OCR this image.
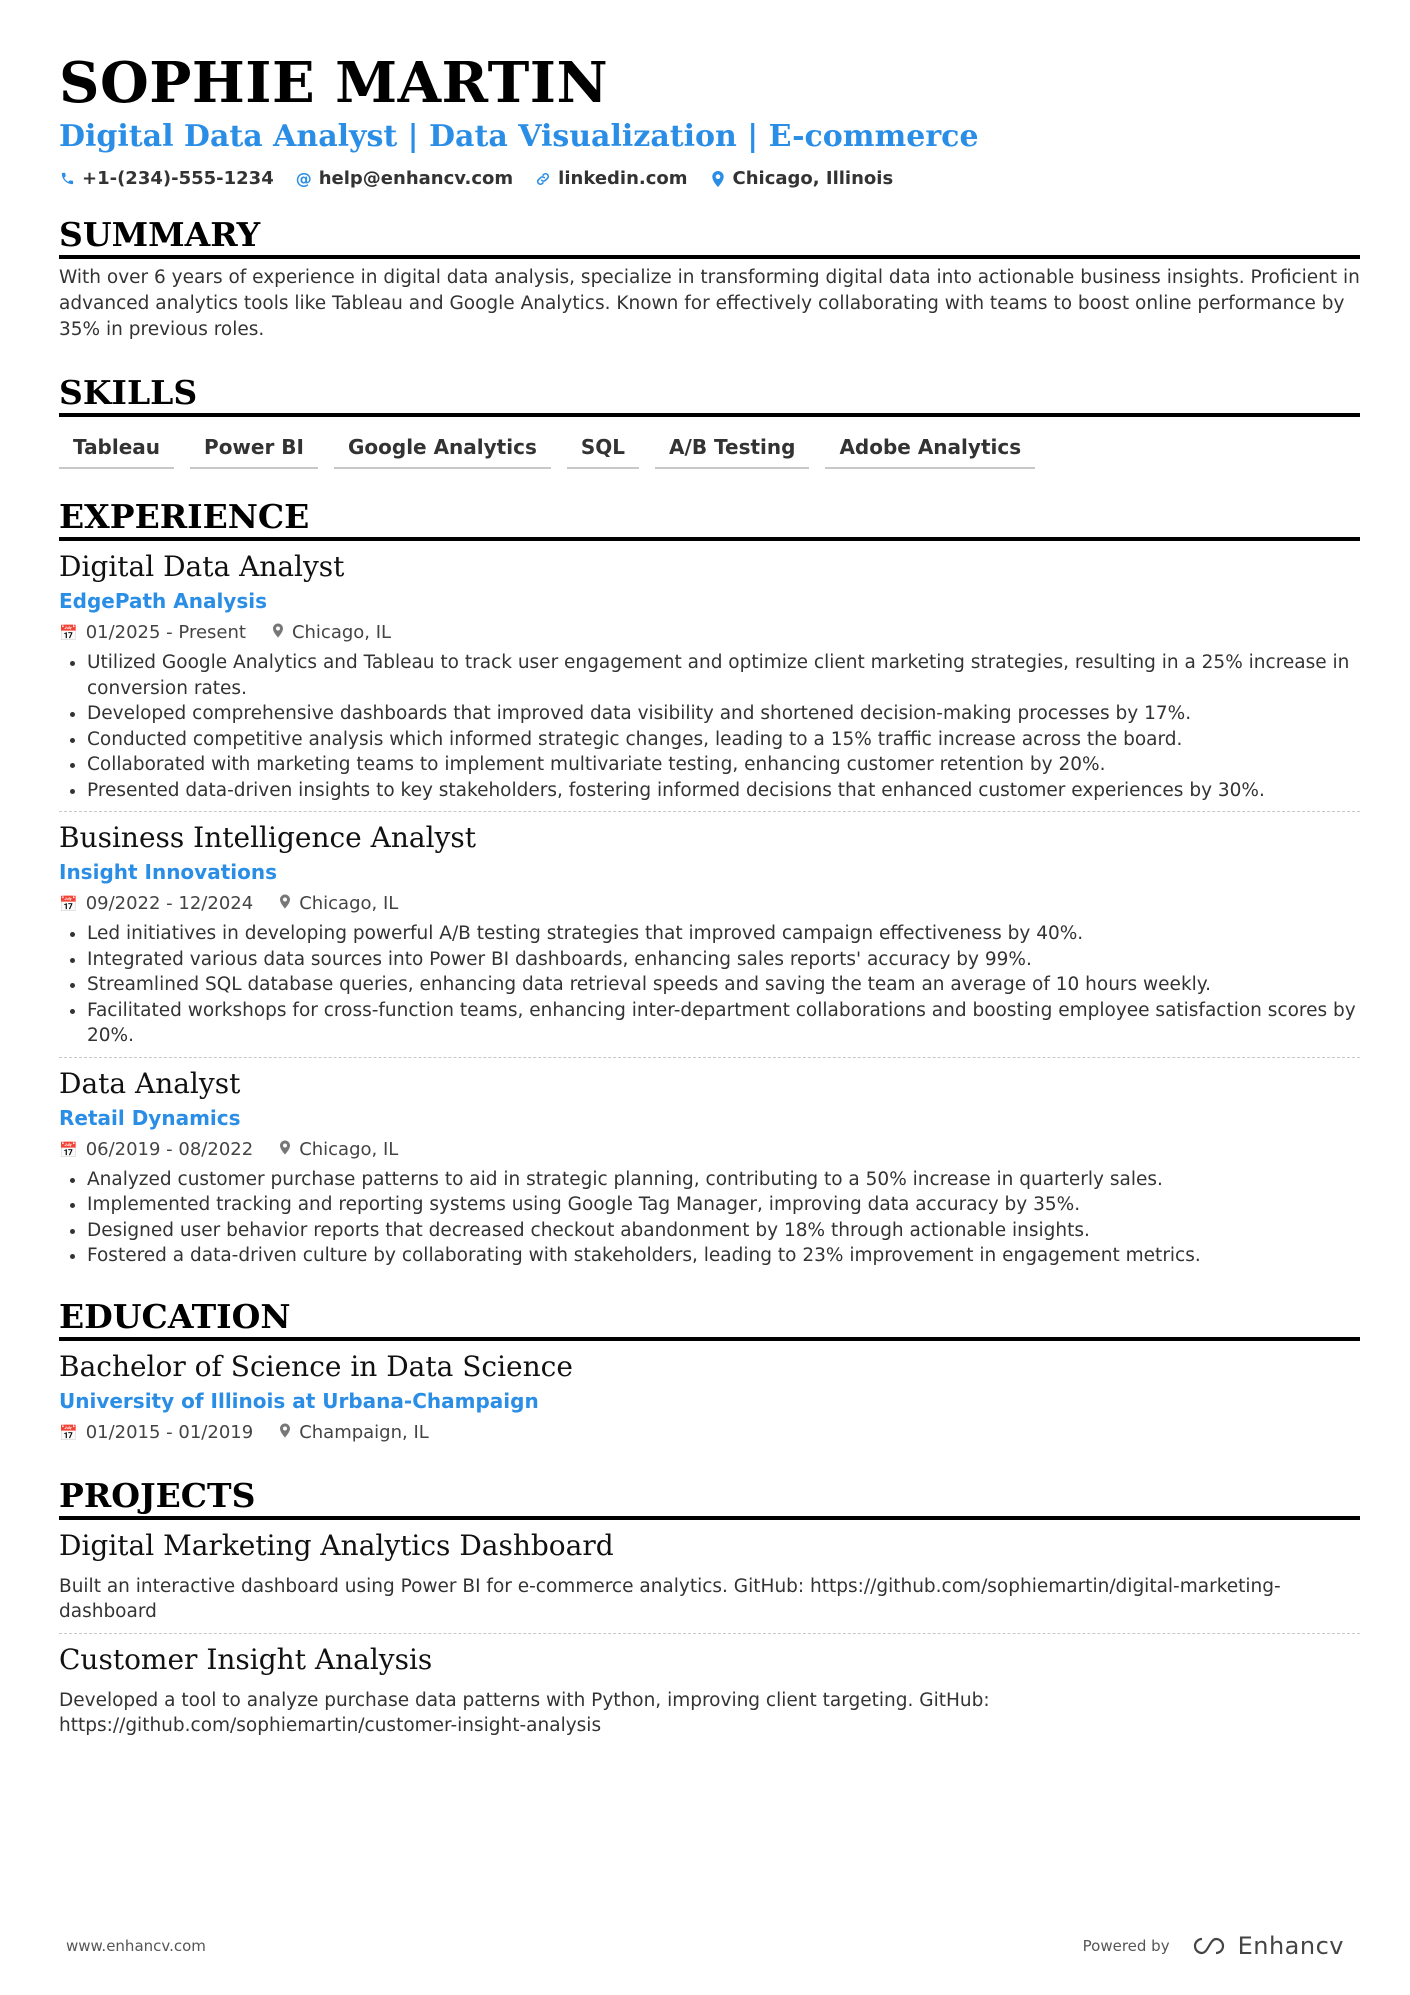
SOPHIE MARTIN
Digital Data Analyst | Data Visualization | E-commerce
+1-(234)-555-1234 @ help@enhancv.com	linkedin.com	Chicago, Illinois
SUMMARY
With over 6 years of experience in digital data analysis, specialize in transforming digital data into actionable business insights. Proficient in advanced analytics tools like Tableau and Google Analytics. Known for effectively collaborating with teams to boost online performance by 35% in previous roles.
SKILLS
Tableau	Power BI	Google Analytics	SQL	A/B Testing	Adobe Analytics
EXPERIENCE
Digital Data Analyst
EdgePath Analysis
📅 01/2025 - Present	Chicago, IL
• Utilized Google Analytics and Tableau to track user engagement and optimize client marketing strategies, resulting in a 25% increase in conversion rates.
• Developed comprehensive dashboards that improved data visibility and shortened decision-making processes by 17%.
• Conducted competitive analysis which informed strategic changes, leading to a 15% traffic increase across the board.
• Collaborated with marketing teams to implement multivariate testing, enhancing customer retention by 20%.
• Presented data-driven insights to key stakeholders, fostering informed decisions that enhanced customer experiences by 30%.
Business Intelligence Analyst
Insight Innovations
📅 09/2022 - 12/2024	Chicago, IL
• Led initiatives in developing powerful A/B testing strategies that improved campaign effectiveness by 40%.
• Integrated various data sources into Power BI dashboards, enhancing sales reports' accuracy by 99%.
• Streamlined SQL database queries, enhancing data retrieval speeds and saving the team an average of 10 hours weekly.
• Facilitated workshops for cross-function teams, enhancing inter-department collaborations and boosting employee satisfaction scores by 20%.
Data Analyst
Retail Dynamics
📅 06/2019 - 08/2022	Chicago, IL
• Analyzed customer purchase patterns to aid in strategic planning, contributing to a 50% increase in quarterly sales.
• Implemented tracking and reporting systems using Google Tag Manager, improving data accuracy by 35%.
• Designed user behavior reports that decreased checkout abandonment by 18% through actionable insights.
• Fostered a data-driven culture by collaborating with stakeholders, leading to 23% improvement in engagement metrics.
EDUCATION
Bachelor of Science in Data Science
University of Illinois at Urbana-Champaign
📅 01/2015 - 01/2019	Champaign, IL
PROJECTS
Digital Marketing Analytics Dashboard
Built an interactive dashboard using Power BI for e-commerce analytics. GitHub: https://github.com/sophiemartin/digital-marketing-dashboard
Customer Insight Analysis
Developed a tool to analyze purchase data patterns with Python, improving client targeting. GitHub: https://github.com/sophiemartin/customer-insight-analysis
www.enhancv.com	Powered by	Enhancv
